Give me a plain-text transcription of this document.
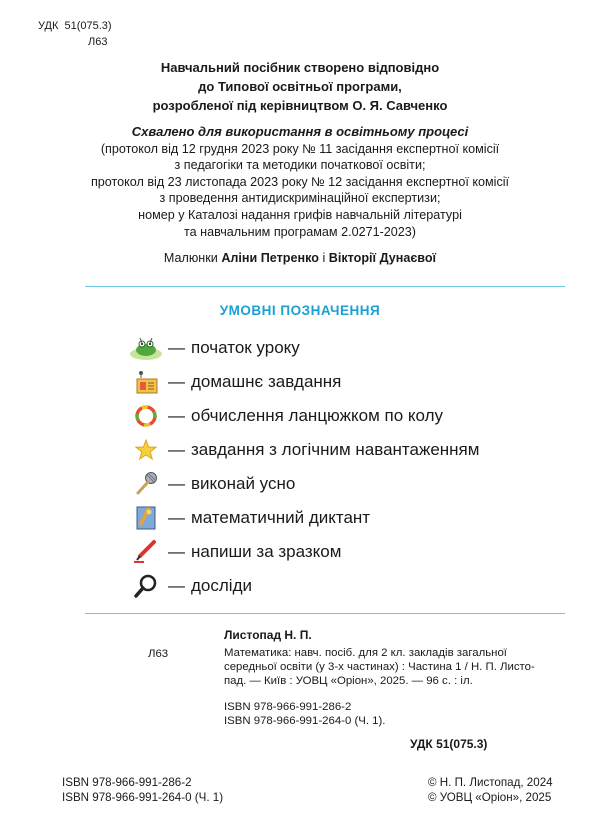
УДК 51(075.3)
Л63
Навчальний посібник створено відповідно
до Типової освітньої програми,
розробленої під керівництвом О. Я. Савченко
Схвалено для використання в освітньому процесі
(протокол від 12 грудня 2023 року № 11 засідання експертної комісії
з педагогіки та методики початкової освіти;
протокол від 23 листопада 2023 року № 12 засідання експертної комісії
з проведення антидискримінаційної експертизи;
номер у Каталозі надання грифів навчальній літературі
та навчальним програмам 2.0271-2023)
Малюнки Аліни Петренко і Вікторії Дунаєвої
УМОВНІ ПОЗНАЧЕННЯ
— початок уроку
— домашнє завдання
— обчислення ланцюжком по колу
— завдання з логічним навантаженням
— виконай усно
— математичний диктант
— напиши за зразком
— досліди
Листопад Н. П.
Л63	Математика: навч. посіб. для 2 кл. закладів загальної
середньої освіти (у 3-х частинах) : Частина 1 / Н. П. Листо-
пад. — Київ : УОВЦ «Оріон», 2025. — 96 с. : іл.
ISBN 978-966-991-286-2
ISBN 978-966-991-264-0 (Ч. 1).
УДК 51(075.3)
ISBN 978-966-991-286-2
ISBN 978-966-991-264-0 (Ч. 1)
© Н. П. Листопад, 2024
© УОВЦ «Оріон», 2025
